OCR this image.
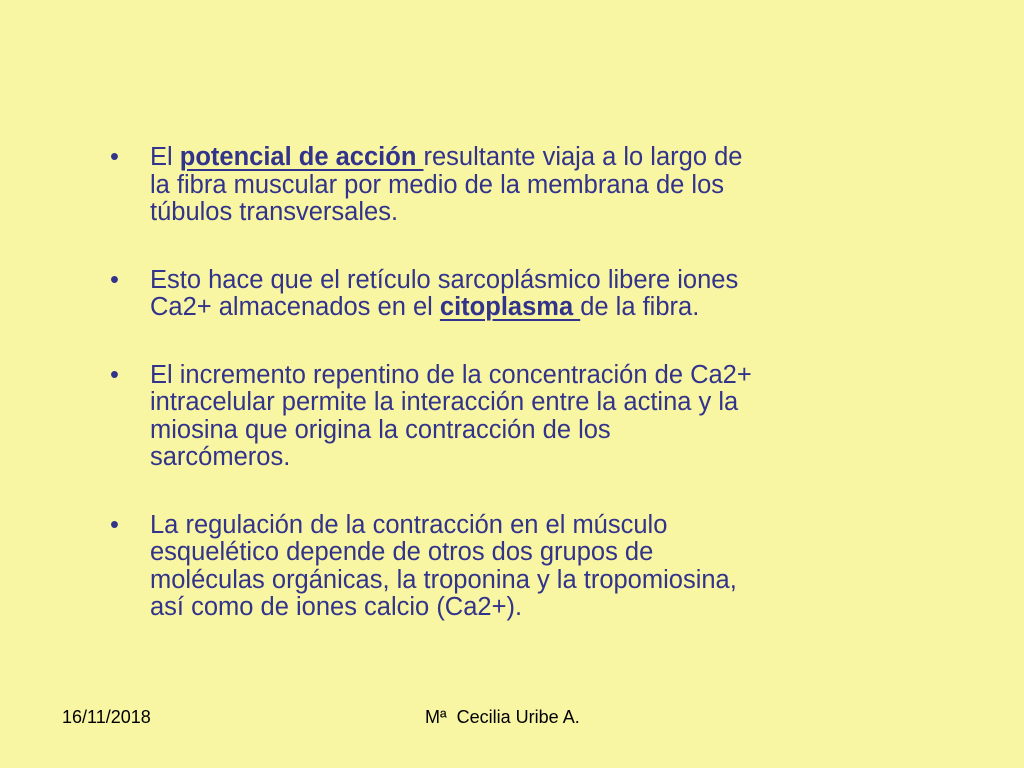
• El potencial de acción resultante viaja a lo largo de la fibra muscular por medio de la membrana de los túbulos transversales.
• Esto hace que el retículo sarcoplásmico libere iones Ca2+ almacenados en el citoplasma de la fibra.
• El incremento repentino de la concentración de Ca2+ intracelular permite la interacción entre la actina y la miosina que origina la contracción de los sarcómeros.
• La regulación de la contracción en el músculo esquelético depende de otros dos grupos de moléculas orgánicas, la troponina y la tropomiosina, así como de iones calcio (Ca2+).
16/11/2018	Mª  Cecilia Uribe A.
